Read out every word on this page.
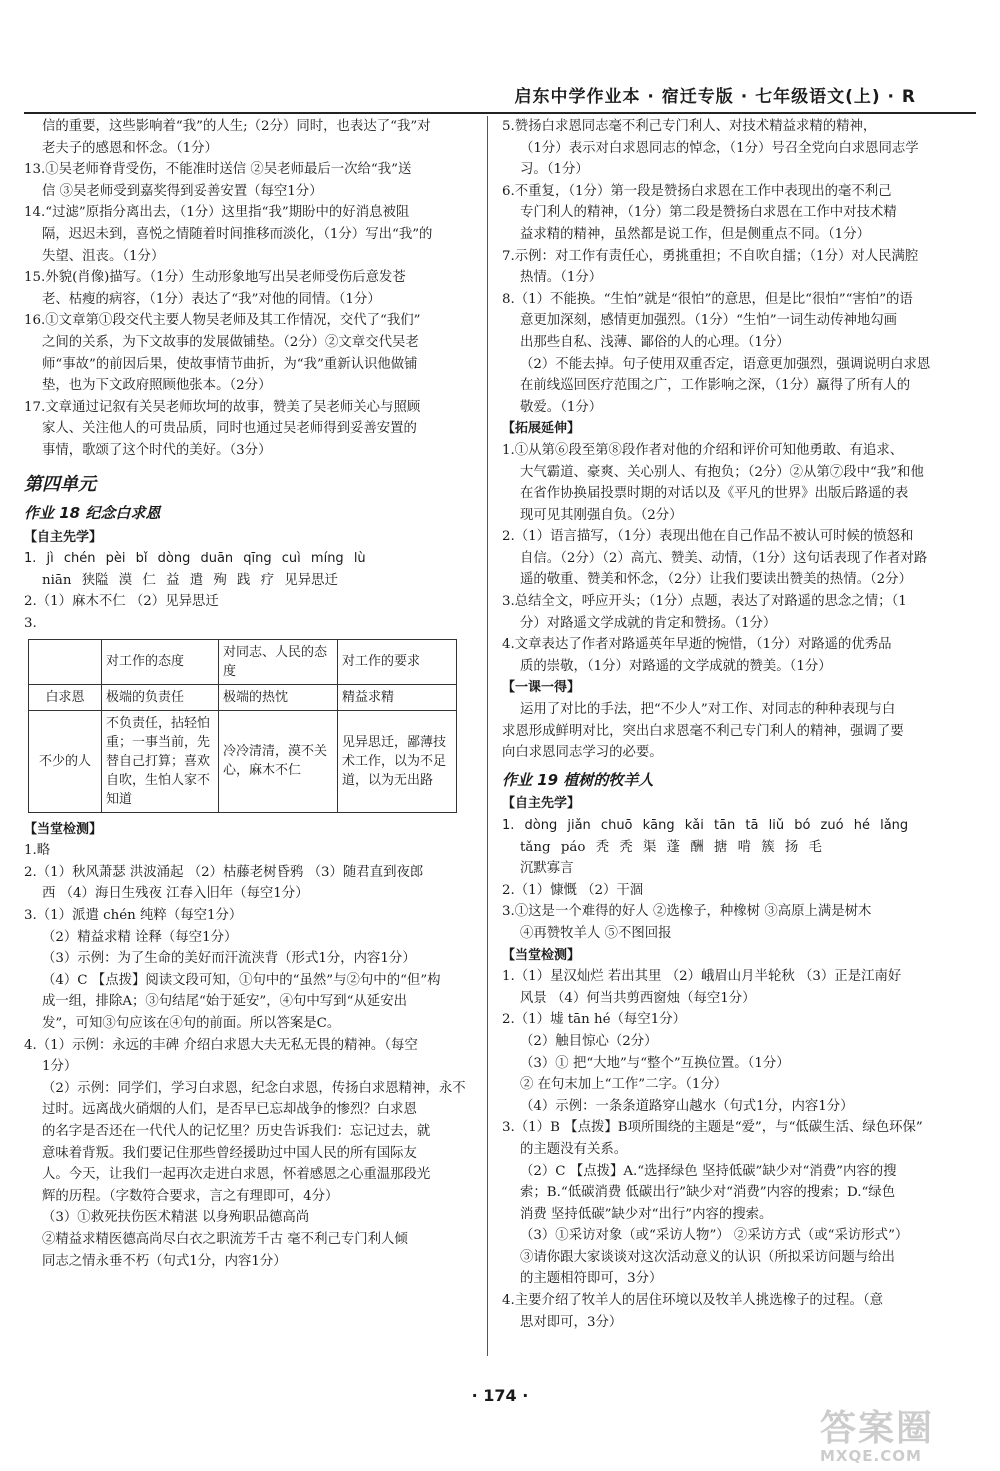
启东中学作业本 · 宿迁专版 · 七年级语文(上) · R

信的重要，这些影响着“我”的人生;（2分）同时，也表达了“我”对

老夫子的感恩和怀念。（1分）

13.①吴老师脊背受伤，不能准时送信 ②吴老师最后一次给“我”送

信 ③吴老师受到嘉奖得到妥善安置（每空1分）

14.“过滤”原指分离出去，（1分）这里指“我”期盼中的好消息被阻

隔，迟迟未到，喜悦之情随着时间推移而淡化，（1分）写出“我”的

失望、沮丧。（1分）

15.外貌(肖像)描写。（1分）生动形象地写出吴老师受伤后意发苍

老、枯瘦的病容，（1分）表达了“我”对他的同情。（1分）

16.①文章第①段交代主要人物吴老师及其工作情况，交代了“我们”

之间的关系，为下文故事的发展做铺垫。（2分）②文章交代吴老

师“事故”的前因后果，使故事情节曲折，为“我”重新认识他做铺

垫，也为下文政府照顾他张本。（2分）

17.文章通过记叙有关吴老师坎坷的故事，赞美了吴老师关心与照顾

家人、关注他人的可贵品质，同时也通过吴老师得到妥善安置的

事情，歌颂了这个时代的美好。（3分）

第四单元
作业 18 纪念白求恩
【自主先学】

1. jì chén pèi bǐ dòng duān qīng cuì míng lù

niān 狭隘 漠 仁 益 遣 殉 践 疗 见异思迁

2.（1）麻木不仁 （2）见异思迁

3.

	对工作的态度	对同志、人民的态度	对工作的要求
白求恩	极端的负责任	极端的热忱	精益求精
不少的人	不负责任，拈轻怕重；一事当前，先替自己打算；喜欢自吹，生怕人家不知道	冷冷清清，漠不关心，麻木不仁	见异思迁，鄙薄技术工作，以为不足道，以为无出路
【当堂检测】

1.略

2.（1）秋风萧瑟 洪波涌起 （2）枯藤老树昏鸦 （3）随君直到夜郎

西 （4）海日生残夜 江春入旧年（每空1分）

3.（1）派遣 chén 纯粹（每空1分）

（2）精益求精 诠释（每空1分）

（3）示例：为了生命的美好而汗流浃背（形式1分，内容1分）

（4）C 【点拨】阅读文段可知，①句中的“虽然”与②句中的“但”构

成一组，排除A；③句结尾“始于延安”，④句中写到“从延安出

发”，可知③句应该在④句的前面。所以答案是C。

4.（1）示例：永远的丰碑 介绍白求恩大夫无私无畏的精神。（每空

1分）

（2）示例：同学们，学习白求恩，纪念白求恩，传扬白求恩精神，永不

过时。远离战火硝烟的人们，是否早已忘却战争的惨烈？白求恩

的名字是否还在一代代人的记忆里？历史告诉我们：忘记过去，就

意味着背叛。我们要记住那些曾经援助过中国人民的所有国际友

人。今天，让我们一起再次走进白求恩，怀着感恩之心重温那段光

辉的历程。（字数符合要求，言之有理即可，4分）

（3）①救死扶伤医术精湛 以身殉职品德高尚

②精益求精医德高尚尽白衣之职流芳千古 毫不利己专门利人倾

同志之情永垂不朽（句式1分，内容1分）

5.赞扬白求恩同志毫不利己专门利人、对技术精益求精的精神，

（1分）表示对白求恩同志的悼念，（1分）号召全党向白求恩同志学

习。（1分）

6.不重复，（1分）第一段是赞扬白求恩在工作中表现出的毫不利己

专门利人的精神，（1分）第二段是赞扬白求恩在工作中对技术精

益求精的精神，虽然都是说工作，但是侧重点不同。（1分）

7.示例：对工作有责任心，勇挑重担；不自吹自擂；（1分）对人民满腔

热情。（1分）

8.（1）不能换。“生怕”就是“很怕”的意思，但是比“很怕”“害怕”的语

意更加深刻，感情更加强烈。（1分）“生怕”一词生动传神地勾画

出那些自私、浅薄、鄙俗的人的心理。（1分）

（2）不能去掉。句子使用双重否定，语意更加强烈，强调说明白求恩

在前线巡回医疗范围之广，工作影响之深，（1分）赢得了所有人的

敬爱。（1分）

【拓展延伸】

1.①从第⑥段至第⑧段作者对他的介绍和评价可知他勇敢、有追求、

大气霸道、豪爽、关心别人、有抱负；（2分）②从第⑦段中“我”和他

在省作协换届投票时期的对话以及《平凡的世界》出版后路遥的表

现可见其刚强自负。（2分）

2.（1）语言描写，（1分）表现出他在自己作品不被认可时候的愤怒和

自信。（2分）（2）高亢、赞美、动情，（1分）这句话表现了作者对路

遥的敬重、赞美和怀念，（2分）让我们要读出赞美的热情。（2分）

3.总结全文，呼应开头；（1分）点题，表达了对路遥的思念之情；（1

分）对路遥文学成就的肯定和赞扬。（1分）

4.文章表达了作者对路遥英年早逝的惋惜，（1分）对路遥的优秀品

质的崇敬，（1分）对路遥的文学成就的赞美。（1分）

【一课一得】

运用了对比的手法，把“不少人”对工作、对同志的种种表现与白

求恩形成鲜明对比，突出白求恩毫不利己专门利人的精神，强调了要

向白求恩同志学习的必要。

作业 19 植树的牧羊人
【自主先学】

1. dòng jiǎn chuō kāng kǎi tān tā liǔ bó zuó hé lǎng

tǎng páo 秃 秃 渠 蓬 酬 搪 啃 簇 扬 毛

沉默寡言

2.（1）慷慨 （2）干涸

3.①这是一个难得的好人 ②选橡子，种橡树 ③高原上满是树木

④再赞牧羊人 ⑤不图回报

【当堂检测】

1.（1）星汉灿烂 若出其里 （2）峨眉山月半轮秋 （3）正是江南好

风景 （4）何当共剪西窗烛（每空1分）

2.（1）墟 tān hé（每空1分）

（2）触目惊心（2分）

（3）① 把“大地”与“整个”互换位置。（1分）

② 在句末加上“工作”二字。（1分）

（4）示例：一条条道路穿山越水（句式1分，内容1分）

3.（1）B 【点拨】B项所围绕的主题是“爱”，与“低碳生活、绿色环保”

的主题没有关系。

（2）C 【点拨】A.“选择绿色 坚持低碳”缺少对“消费”内容的搜

索；B.“低碳消费 低碳出行”缺少对“消费”内容的搜索；D.“绿色

消费 坚持低碳”缺少对“出行”内容的搜索。

（3）①采访对象（或“采访人物”） ②采访方式（或“采访形式”）

③请你跟大家谈谈对这次活动意义的认识（所拟采访问题与给出

的主题相符即可，3分）

4.主要介绍了牧羊人的居住环境以及牧羊人挑选橡子的过程。（意

思对即可，3分）

· 174 ·
答案圈
MXQE.COM
